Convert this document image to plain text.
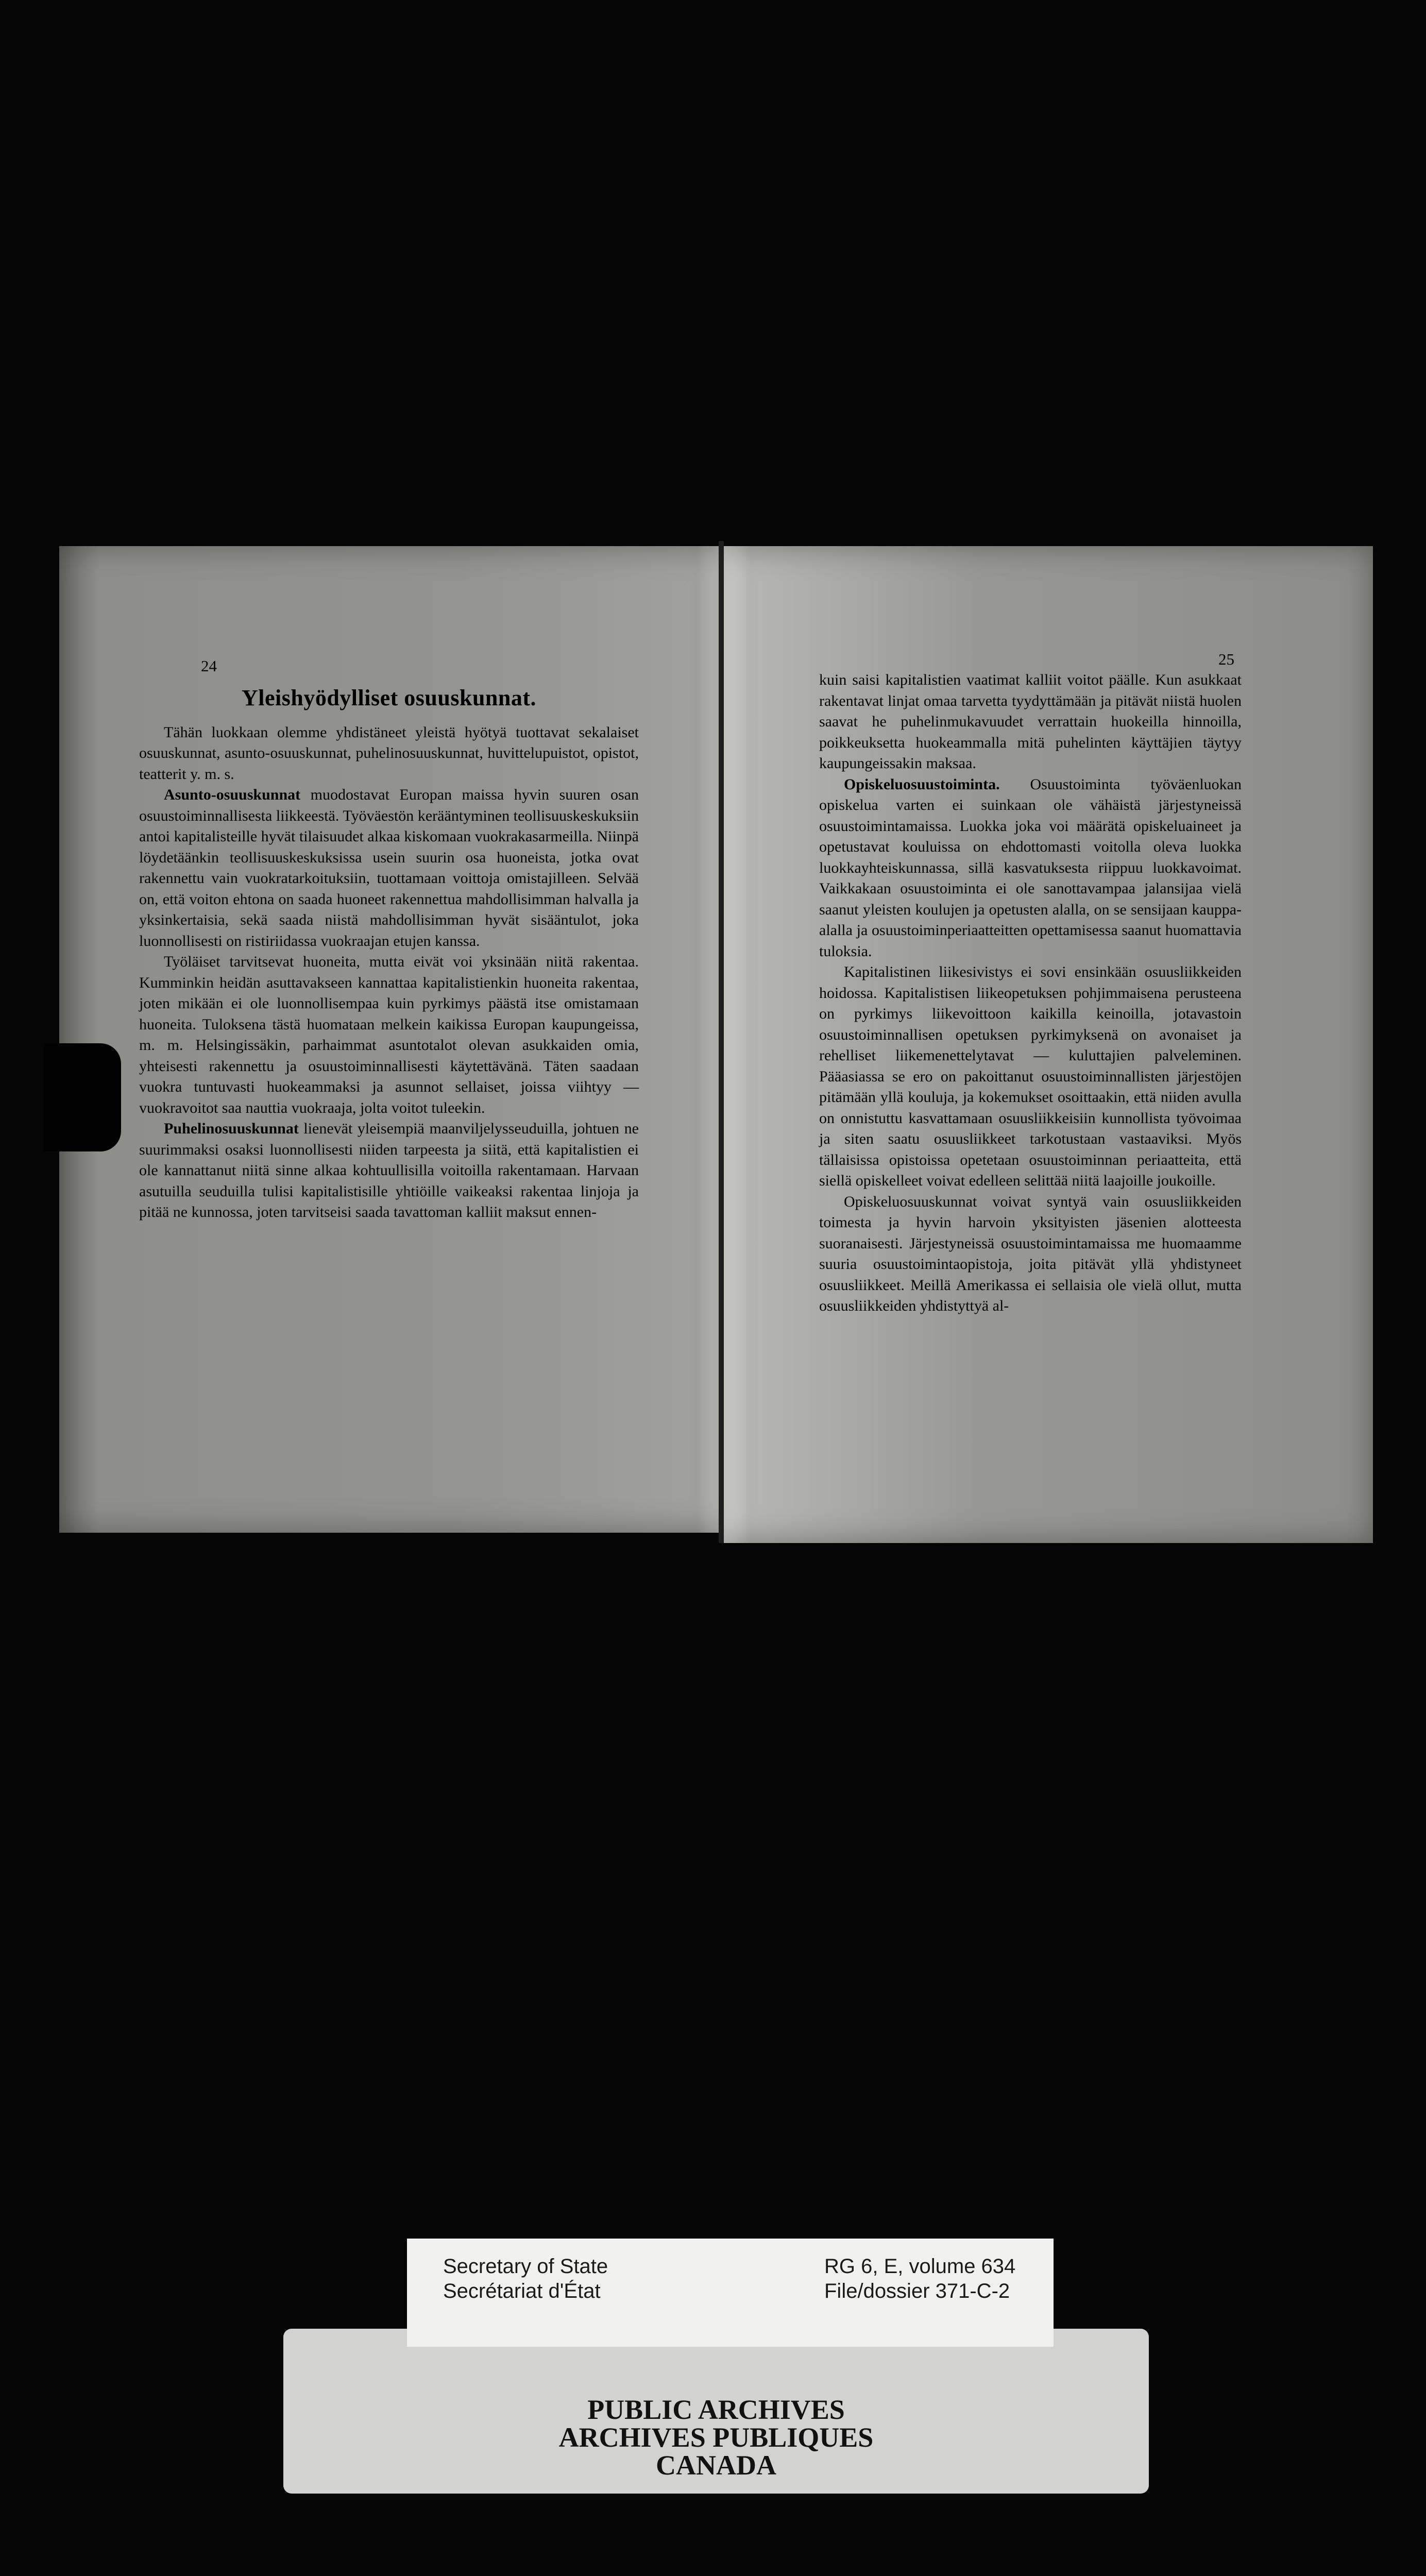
24	25
Yleishyödylliset osuuskunnat.

Tähän luokkaan olemme yhdistäneet yleistä hyötyä tuottavat sekalaiset osuuskunnat, asunto-osuuskunnat, puhelinosuuskunnat, huvittelupuistot, opistot, teatterit y. m. s.

Asunto-osuuskunnat muodostavat Europan maissa hyvin suuren osan osuustoiminnallisesta liikkeestä. Työväestön kerääntyminen teollisuuskeskuksiin antoi kapitalisteille hyvät tilaisuudet alkaa kiskomaan vuokrakasarmeilla. Niinpä löydetäänkin teollisuuskeskuksissa usein suurin osa huoneista, jotka ovat rakennettu vain vuokratarkoituksiin, tuottamaan voittoja omistajilleen. Selvää on, että voiton ehtona on saada huoneet rakennettua mahdollisimman halvalla ja yksinkertaisia, sekä saada niistä mahdollisimman hyvät sisääntulot, joka luonnollisesti on ristiriidassa vuokraajan etujen kanssa.

Työläiset tarvitsevat huoneita, mutta eivät voi yksinään niitä rakentaa. Kumminkin heidän asuttavakseen kannattaa kapitalistienkin huoneita rakentaa, joten mikään ei ole luonnollisempaa kuin pyrkimys päästä itse omistamaan huoneita. Tuloksena tästä huomataan melkein kaikissa Europan kaupungeissa, m. m. Helsingissäkin, parhaimmat asuntotalot olevan asukkaiden omia, yhteisesti rakennettu ja osuustoiminnallisesti käytettävänä. Täten saadaan vuokra tuntuvasti huokeammaksi ja asunnot sellaiset, joissa viihtyy — vuokravoitot saa nauttia vuokraaja, jolta voitot tuleekin.

Puhelinosuuskunnat lienevät yleisempiä maanviljelysseuduilla, johtuen ne suurimmaksi osaksi luonnollisesti niiden tarpeesta ja siitä, että kapitalistien ei ole kannattanut niitä sinne alkaa kohtuullisilla voitoilla rakentamaan. Harvaan asutuilla seuduilla tulisi kapitalistisille yhtiöille vaikeaksi rakentaa linjoja ja pitää ne kunnossa, joten tarvitseisi saada tavattoman kalliit maksut ennen-

kuin saisi kapitalistien vaatimat kalliit voitot päälle. Kun asukkaat rakentavat linjat omaa tarvetta tyydyttämään ja pitävät niistä huolen saavat he puhelinmukavuudet verrattain huokeilla hinnoilla, poikkeuksetta huokeammalla mitä puhelinten käyttäjien täytyy kaupungeissakin maksaa.

Opiskeluosuustoiminta. Osuustoiminta työväenluokan opiskelua varten ei suinkaan ole vähäistä järjestyneissä osuustoimintamaissa. Luokka joka voi määrätä opiskeluaineet ja opetustavat kouluissa on ehdottomasti voitolla oleva luokka luokkayhteiskunnassa, sillä kasvatuksesta riippuu luokkavoimat. Vaikkakaan osuustoiminta ei ole sanottavampaa jalansijaa vielä saanut yleisten koulujen ja opetusten alalla, on se sensijaan kauppa-alalla ja osuustoiminperiaatteitten opettamisessa saanut huomattavia tuloksia.

Kapitalistinen liikesivistys ei sovi ensinkään osuusliikkeiden hoidossa. Kapitalistisen liikeopetuksen pohjimmaisena perusteena on pyrkimys liikevoittoon kaikilla keinoilla, jotavastoin osuustoiminnallisen opetuksen pyrkimyksenä on avonaiset ja rehelliset liikemenettelytavat — kuluttajien palveleminen. Pääasiassa se ero on pakoittanut osuustoiminnallisten järjestöjen pitämään yllä kouluja, ja kokemukset osoittaakin, että niiden avulla on onnistuttu kasvattamaan osuusliikkeisiin kunnollista työvoimaa ja siten saatu osuusliikkeet tarkotustaan vastaaviksi. Myös tällaisissa opistoissa opetetaan osuustoiminnan periaatteita, että siellä opiskelleet voivat edelleen selittää niitä laajoille joukoille.

Opiskeluosuuskunnat voivat syntyä vain osuusliikkeiden toimesta ja hyvin harvoin yksityisten jäsenien alotteesta suoranaisesti. Järjestyneissä osuustoimintamaissa me huomaamme suuria osuustoimintaopistoja, joita pitävät yllä yhdistyneet osuusliikkeet. Meillä Amerikassa ei sellaisia ole vielä ollut, mutta osuusliikkeiden yhdistyttyä al-

Secretary of State
Secrétariat d'État
RG 6, E, volume 634
File/dossier 371-C-2
PUBLIC ARCHIVES
ARCHIVES PUBLIQUES
CANADA
